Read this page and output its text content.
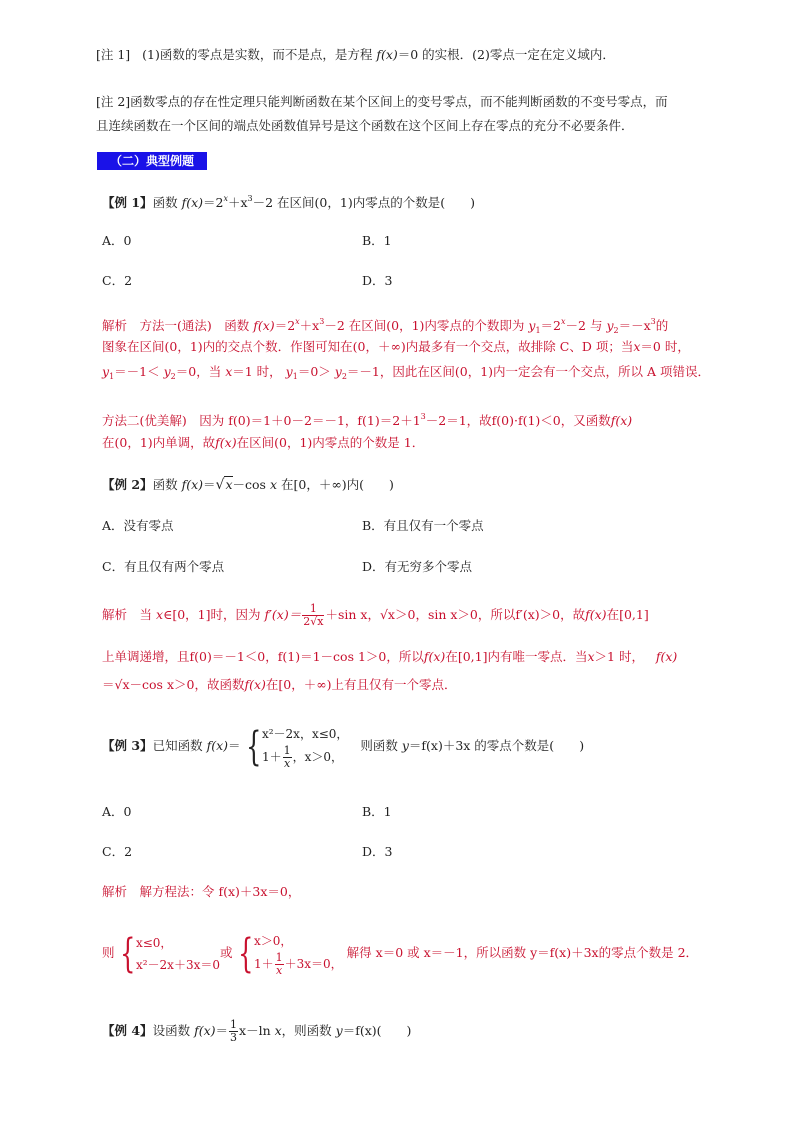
[注 1] (1)函数的零点是实数，而不是点，是方程 f(x)＝0 的实根．(2)零点一定在定义域内．
[注 2]函数零点的存在性定理只能判断函数在某个区间上的变号零点，而不能判断函数的不变号零点，而
且连续函数在一个区间的端点处函数值异号是这个函数在这个区间上存在零点的充分不必要条件．
（二）典型例题
【例 1】函数 $f(x)=2^x+x^3-2$ 在区间(0，1)内零点的个数是(　　)
A．0	B．1
C．2	D．3
解析　方法一(通法)　函数 $f(x)=2^x+x^3-2$ 在区间(0，1)内零点的个数即为 $y_1=2^x-2$ 与 $y_2=-x^3$的
图象在区间(0，1)内的交点个数．作图可知在(0，＋∞)内最多有一个交点，故排除 C、D 项；当x＝0 时，
$y_1=-1< y_2=0$，当 x＝1 时， $y_1=0> y_2=-1$，因此在区间(0，1)内一定会有一个交点，所以 A 项错误．
方法二(优美解)　因为 f(0)＝1＋0－2＝－1，$f(1)=2+1^3-2=1$，故f(0)·f(1)＜0，又函数f(x)
在(0，1)内单调，故f(x)在区间(0，1)内零点的个数是 1．
【例 2】函数 f(x)＝√x－cos x 在[0，＋∞)内(　　)
A．没有零点	B．有且仅有一个零点
C．有且仅有两个零点	D．有无穷多个零点
解析　当 x∈[0，1]时，因为 $f'(x)= \frac{1}{2√x} +\sin$ x，√x＞0，sin x＞0，所以f′(x)＞0，故f(x)在[0,1]
上单调递增，且f(0)＝－1＜0，f(1)＝1－cos 1＞0，所以f(x)在[0,1]内有唯一零点．当x＞1 时， f(x)
＝√x－cos x＞0，故函数f(x)在[0，＋∞)上有且仅有一个零点．
【例 3】已知函数 f(x)＝ { x²－2x，x≤0，
$1+ \frac{1}{x}$ ，x＞0，
则函数 y＝f(x)＋3x 的零点个数是(　　)
A．0	B．1
C．2	D．3
解析　解方程法：令 f(x)＋3x＝0，
则 { x≤0，
x²－2x＋3x＝0
或 { x＞0，
$1+ \frac{1}{x} +3x=0$，
解得 x＝0 或 x＝－1，所以函数 y＝f(x)＋3x的零点个数是 2．
【例 4】设函数 $f(x)= \frac{1}{3} x-\ln$ x，则函数 y＝f(x)(　　)
